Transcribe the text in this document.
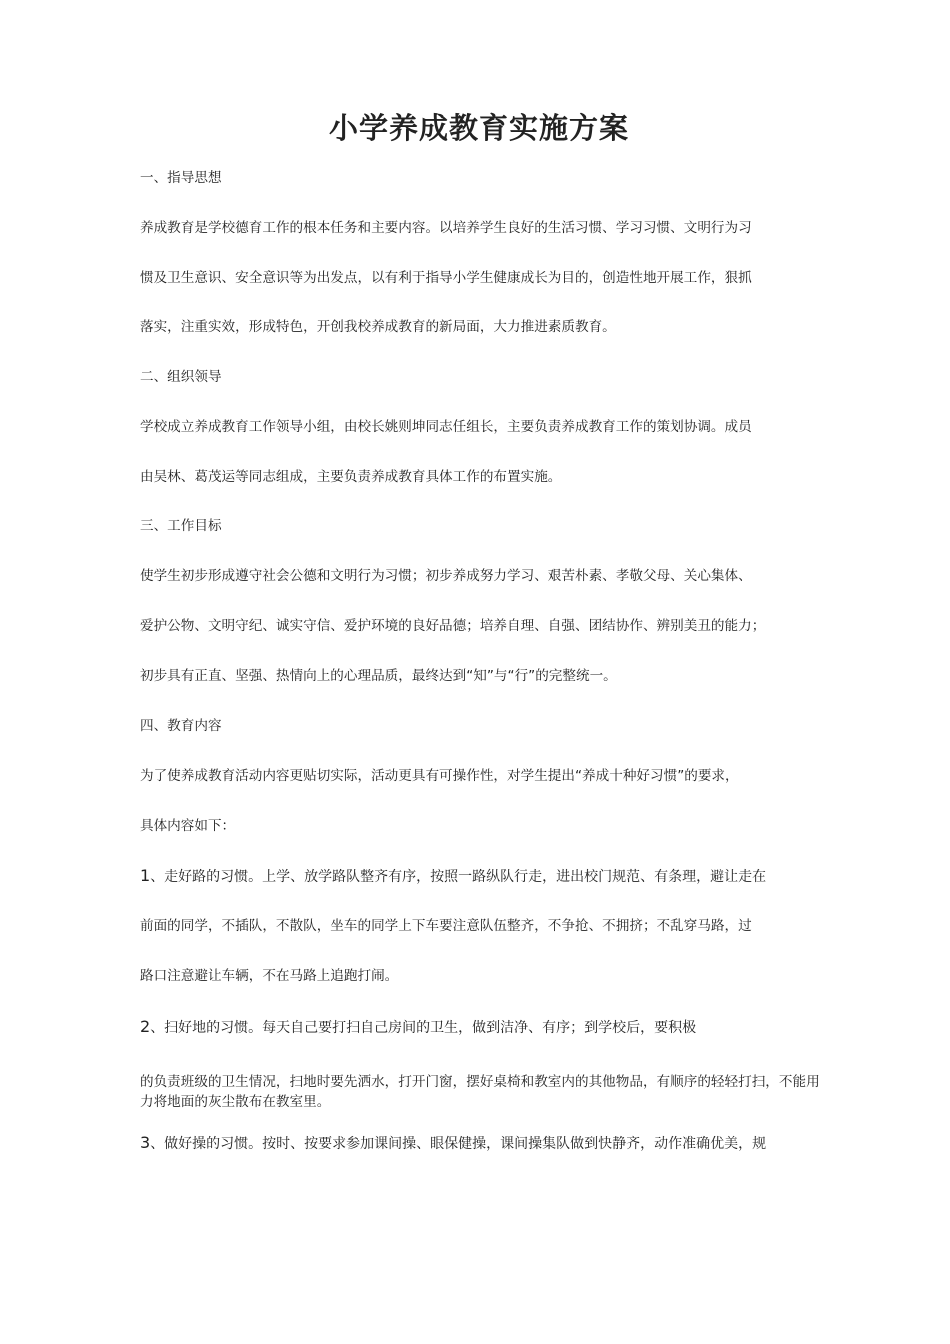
小学养成教育实施方案
一、指导思想
养成教育是学校德育工作的根本任务和主要内容。以培养学生良好的生活习惯、学习习惯、文明行为习
惯及卫生意识、安全意识等为出发点，以有利于指导小学生健康成长为目的，创造性地开展工作，狠抓
落实，注重实效，形成特色，开创我校养成教育的新局面，大力推进素质教育。
二、组织领导
学校成立养成教育工作领导小组，由校长姚则坤同志任组长，主要负责养成教育工作的策划协调。成员
由吴林、葛茂运等同志组成，主要负责养成教育具体工作的布置实施。
三、工作目标
使学生初步形成遵守社会公德和文明行为习惯；初步养成努力学习、艰苦朴素、孝敬父母、关心集体、
爱护公物、文明守纪、诚实守信、爱护环境的良好品德；培养自理、自强、团结协作、辨别美丑的能力；
初步具有正直、坚强、热情向上的心理品质，最终达到“知”与“行”的完整统一。
四、教育内容
为了使养成教育活动内容更贴切实际，活动更具有可操作性，对学生提出“养成十种好习惯”的要求，
具体内容如下：
1、走好路的习惯。上学、放学路队整齐有序，按照一路纵队行走，进出校门规范、有条理，避让走在
前面的同学，不插队，不散队，坐车的同学上下车要注意队伍整齐，不争抢、不拥挤；不乱穿马路，过
路口注意避让车辆，不在马路上追跑打闹。
2、扫好地的习惯。每天自己要打扫自己房间的卫生，做到洁净、有序；到学校后，要积极
的负责班级的卫生情况，扫地时要先洒水，打开门窗，摆好桌椅和教室内的其他物品，有顺序的轻轻打扫，不能用力将地面的灰尘散布在教室里。
3、做好操的习惯。按时、按要求参加课间操、眼保健操，课间操集队做到快静齐，动作准确优美，规
